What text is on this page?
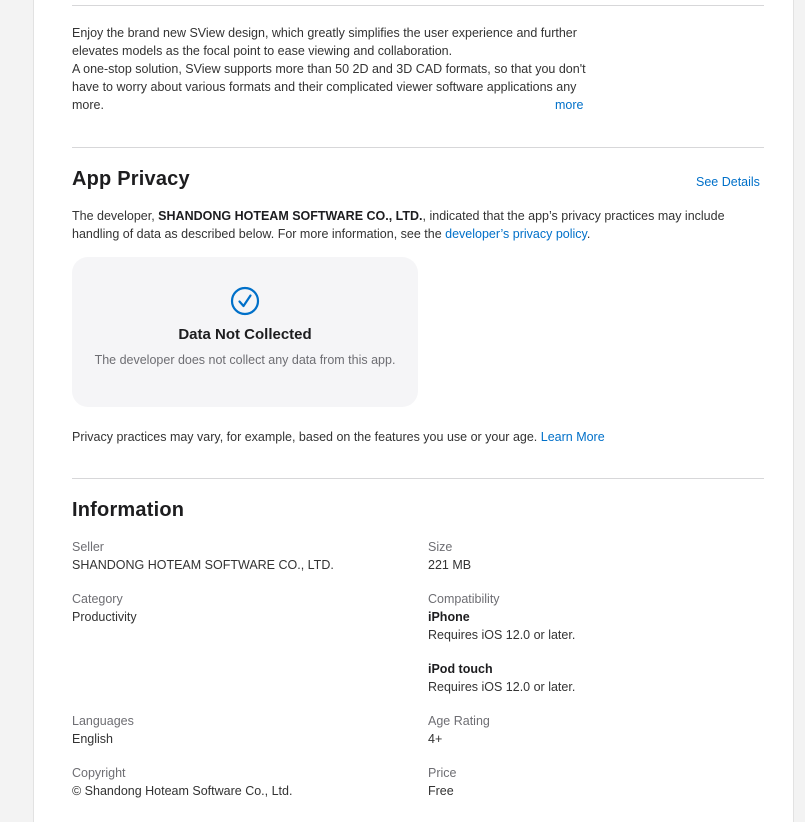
Enjoy the brand new SView design, which greatly simplifies the user experience and further elevates models as the focal point to ease viewing and collaboration.

A one-stop solution, SView supports more than 50 2D and 3D CAD formats, so that you don't have to worry about various formats and their complicated viewer software applications any more.	more
App Privacy	See Details
The developer, SHANDONG HOTEAM SOFTWARE CO., LTD., indicated that the app’s privacy practices may include handling of data as described below. For more information, see the developer’s privacy policy.
Data Not Collected
The developer does not collect any data from this app.
Privacy practices may vary, for example, based on the features you use or your age. Learn More
Information
Seller
SHANDONG HOTEAM SOFTWARE CO., LTD.
Size
221 MB
Category
Productivity
Compatibility
iPhone
Requires iOS 12.0 or later.
iPod touch
Requires iOS 12.0 or later.
Languages
English
Age Rating
4+
Copyright
© Shandong Hoteam Software Co., Ltd.
Price
Free
